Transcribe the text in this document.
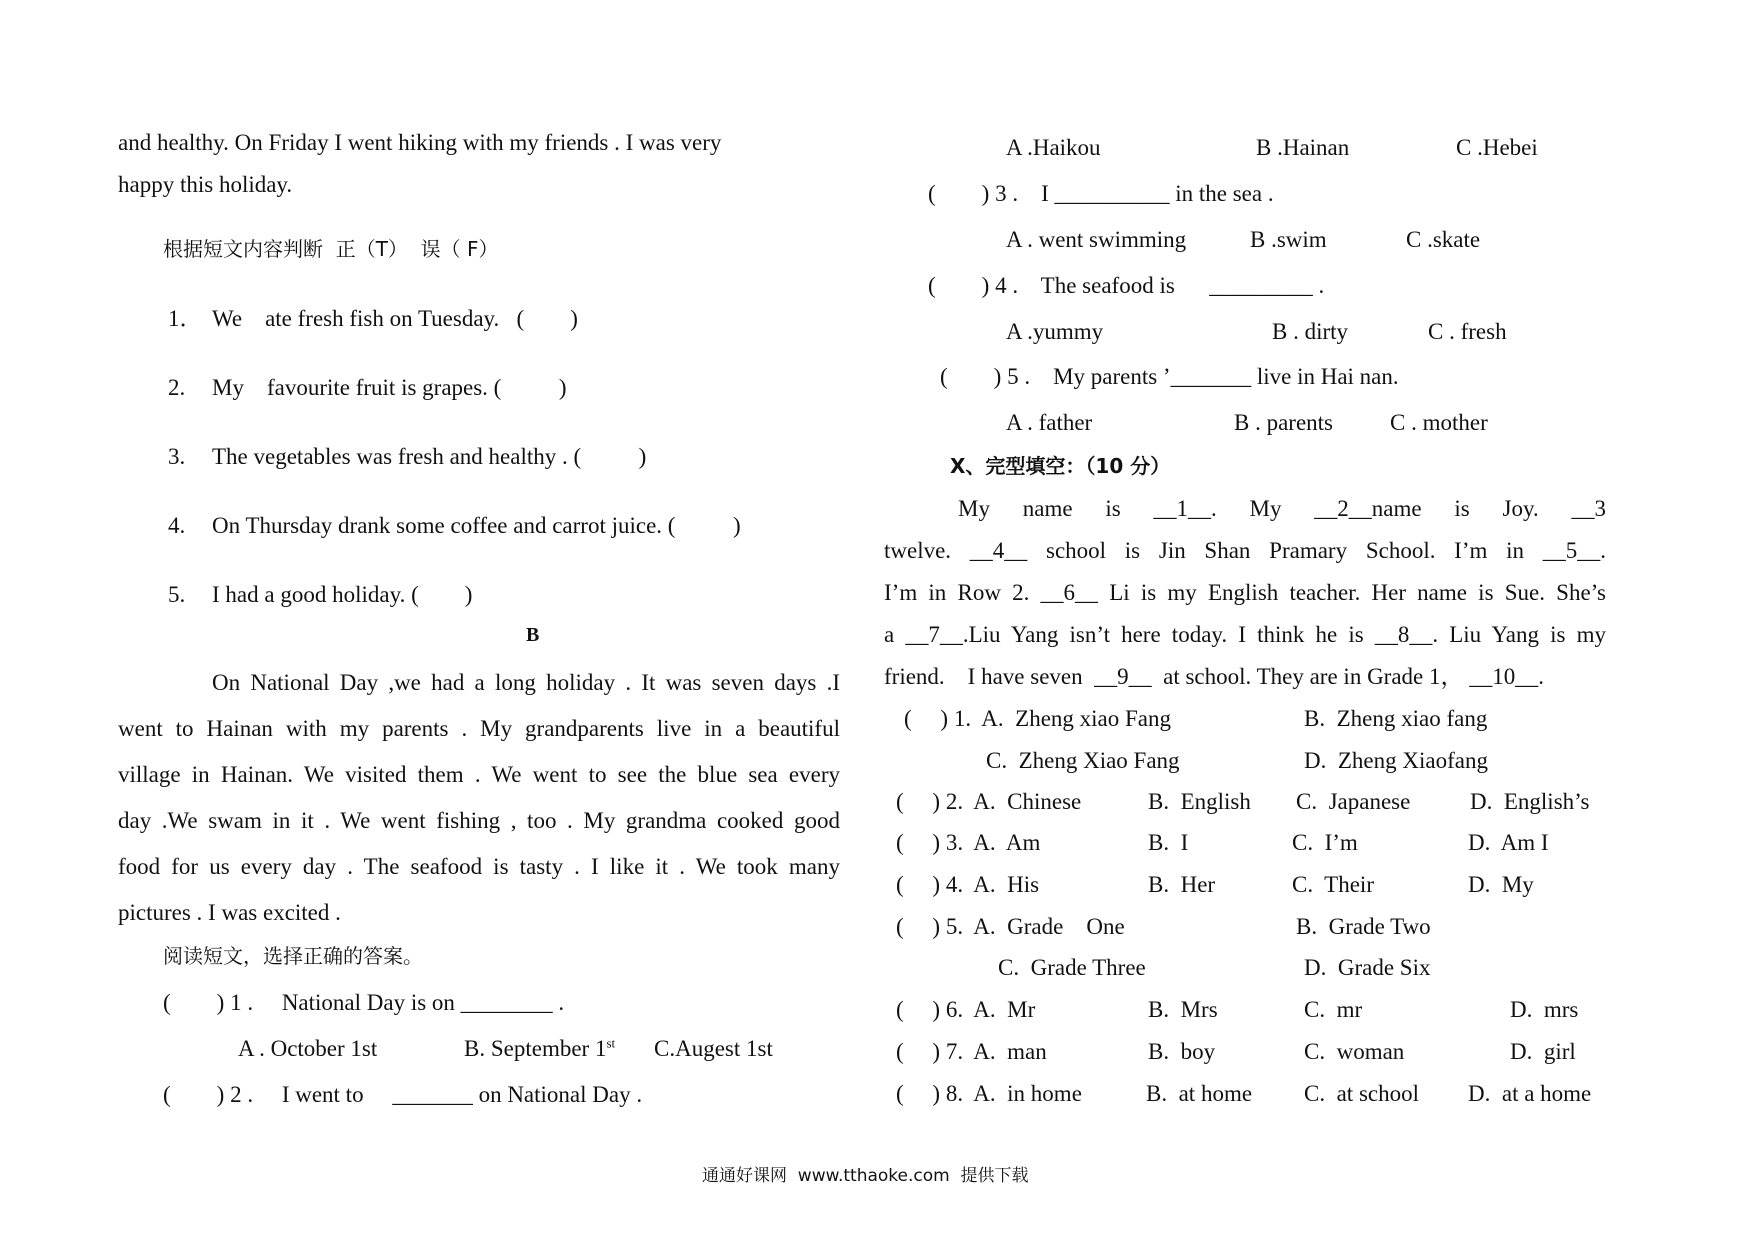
and healthy. On Friday I went hiking with my friends . I was very
happy this holiday.
根据短文内容判断  正（T）  误（ F）
1． We    ate fresh fish on Tuesday.   (        )
2. My    favourite fruit is grapes. (          )
3. The vegetables was fresh and healthy . (          )
4. On Thursday drank some coffee and carrot juice. (          )
5. I had a good holiday. (        )
B
On National Day ,we had a long holiday . It was seven days .I
went to Hainan with my parents . My grandparents live in a beautiful
village in Hainan. We visited them . We went to see the blue sea every
day .We swam in it . We went fishing , too . My grandma cooked good
food for us every day . The seafood is tasty . I like it . We took many
pictures . I was excited .
阅读短文，选择正确的答案。
(        ) 1 .     National Day is on ________ .
A . October 1st	B. September 1st C.Augest 1st
(        ) 2 .     I went to     _______ on National Day .
A .Haikou	B .Hainan	C .Hebei
(        ) 3 .    I __________ in the sea .
A . went swimming	B .swim	C .skate
(        ) 4 .    The seafood is      _________ .
A .yummy	B . dirty	C . fresh
(        ) 5 .    My parents ’_______ live in Hai nan.
A . father	B . parents C . mother
X、完型填空：（10 分）
My name is __1__. My __2__name is Joy. __3
twelve. __4__ school is Jin Shan Pramary School. I’m in __5__.
I’m in Row 2. __6__ Li is my English teacher. Her name is Sue. She’s
a __7__.Liu Yang isn’t here today. I think he is __8__. Liu Yang is my
friend.    I have seven  __9__  at school. They are in Grade 1， __10__.
(     ) 1.  A.  Zheng xiao Fang	B.  Zheng xiao fang
C.  Zheng Xiao Fang	D.  Zheng Xiaofang
(     ) 2.  A.  Chinese	B.  English C.  Japanese	D.  English’s
(     ) 3.  A.  Am	B.  I	C.  I’m	D.  Am I
(     ) 4.  A.  His	B.  Her	C.  Their	D.  My
(     ) 5.  A.  Grade    One	B.  Grade Two
C.  Grade Three	D.  Grade Six
(     ) 6.  A.  Mr	B.  Mrs	C.  mr	D.  mrs
(     ) 7.  A.  man	B.  boy	C.  woman	D.  girl
(     ) 8.  A.  in home	B.  at home C.  at school D.  at a home
通通好课网  www.tthaoke.com  提供下载
